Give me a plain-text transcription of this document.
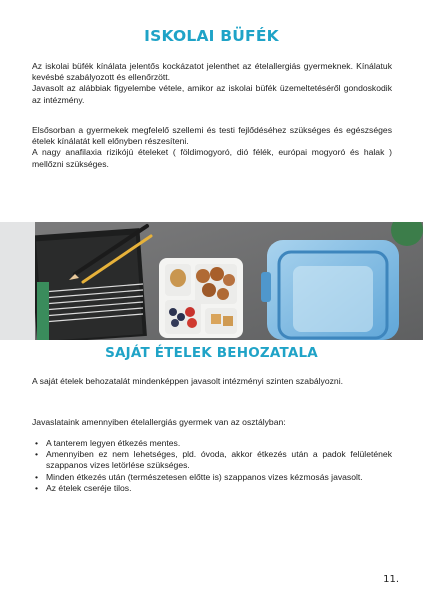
ISKOLAI BÜFÉK
Az iskolai büfék kínálata jelentős kockázatot jelenthet az ételallergiás gyermeknek. Kínálatuk kevésbé szabályozott és ellenőrzött.
Javasolt az alábbiak figyelembe vétele, amikor az iskolai büfék üzemeltetéséről gondoskodik az intézmény.
Elsősorban a gyermekek megfelelő szellemi és testi fejlődéséhez szükséges és egészséges ételek kínálatát kell előnyben részesíteni.
A nagy anafilaxia rizikójú ételeket ( földimogyoró, dió félék, európai mogyoró és halak ) mellőzni szükséges.
SAJÁT ÉTELEK BEHOZATALA
A saját ételek behozatalát mindenképpen javasolt intézményi szinten szabályozni.
Javaslataink amennyiben ételallergiás gyermek van az osztályban:
• A tanterem legyen étkezés mentes.
• Amennyiben ez nem lehetséges, pld. óvoda, akkor étkezés után a padok felületének szappanos vizes letörlése szükséges.
• Minden étkezés után (természetesen előtte is) szappanos vizes kézmosás javasolt.
• Az ételek cseréje tilos.
11.
